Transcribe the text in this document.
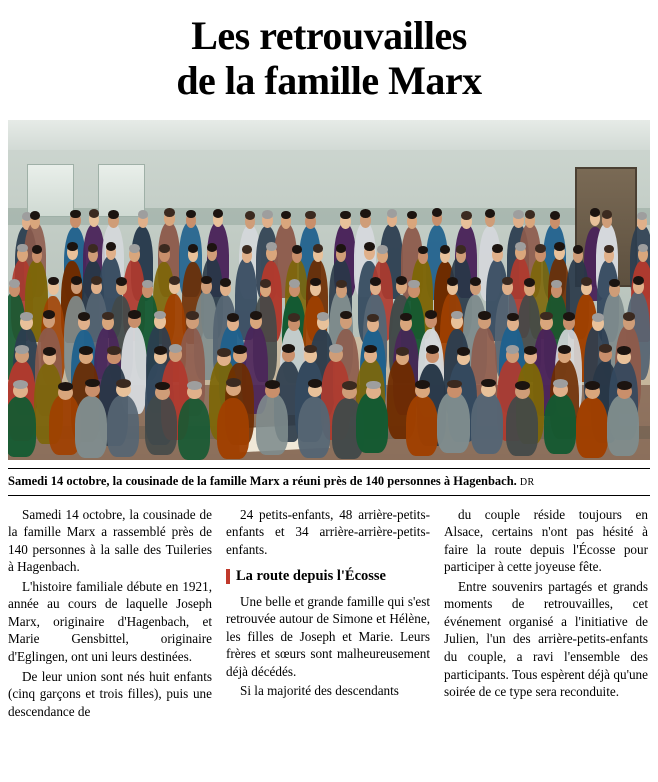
Les retrouvailles
de la famille Marx
Samedi 14 octobre, la cousinade de la famille Marx a réuni près de 140 personnes à Hagenbach. DR

Samedi 14 octobre, la cousinade de la famille Marx a rassemblé près de 140 personnes à la salle des Tuileries à Hagenbach.

L'histoire familiale débute en 1921, année au cours de laquelle Joseph Marx, originaire d'Hagenbach, et Marie Gensbittel, originaire d'Eglingen, ont uni leurs destinées.

De leur union sont nés huit enfants (cinq garçons et trois filles), puis une descendance de

24 petits-enfants, 48 arrière-petits-enfants et 34 arrière-arrière-petits-enfants.

La route depuis l'Écosse

Une belle et grande famille qui s'est retrouvée autour de Simone et Hélène, les filles de Joseph et Marie. Leurs frères et sœurs sont malheureusement déjà décédés.

Si la majorité des descendants

du couple réside toujours en Alsace, certains n'ont pas hésité à faire la route depuis l'Écosse pour participer à cette joyeuse fête.

Entre souvenirs partagés et grands moments de retrouvailles, cet événement organisé a l'initiative de Julien, l'un des arrière-petits-enfants du couple, a ravi l'ensemble des participants. Tous espèrent déjà qu'une soirée de ce type sera reconduite.
